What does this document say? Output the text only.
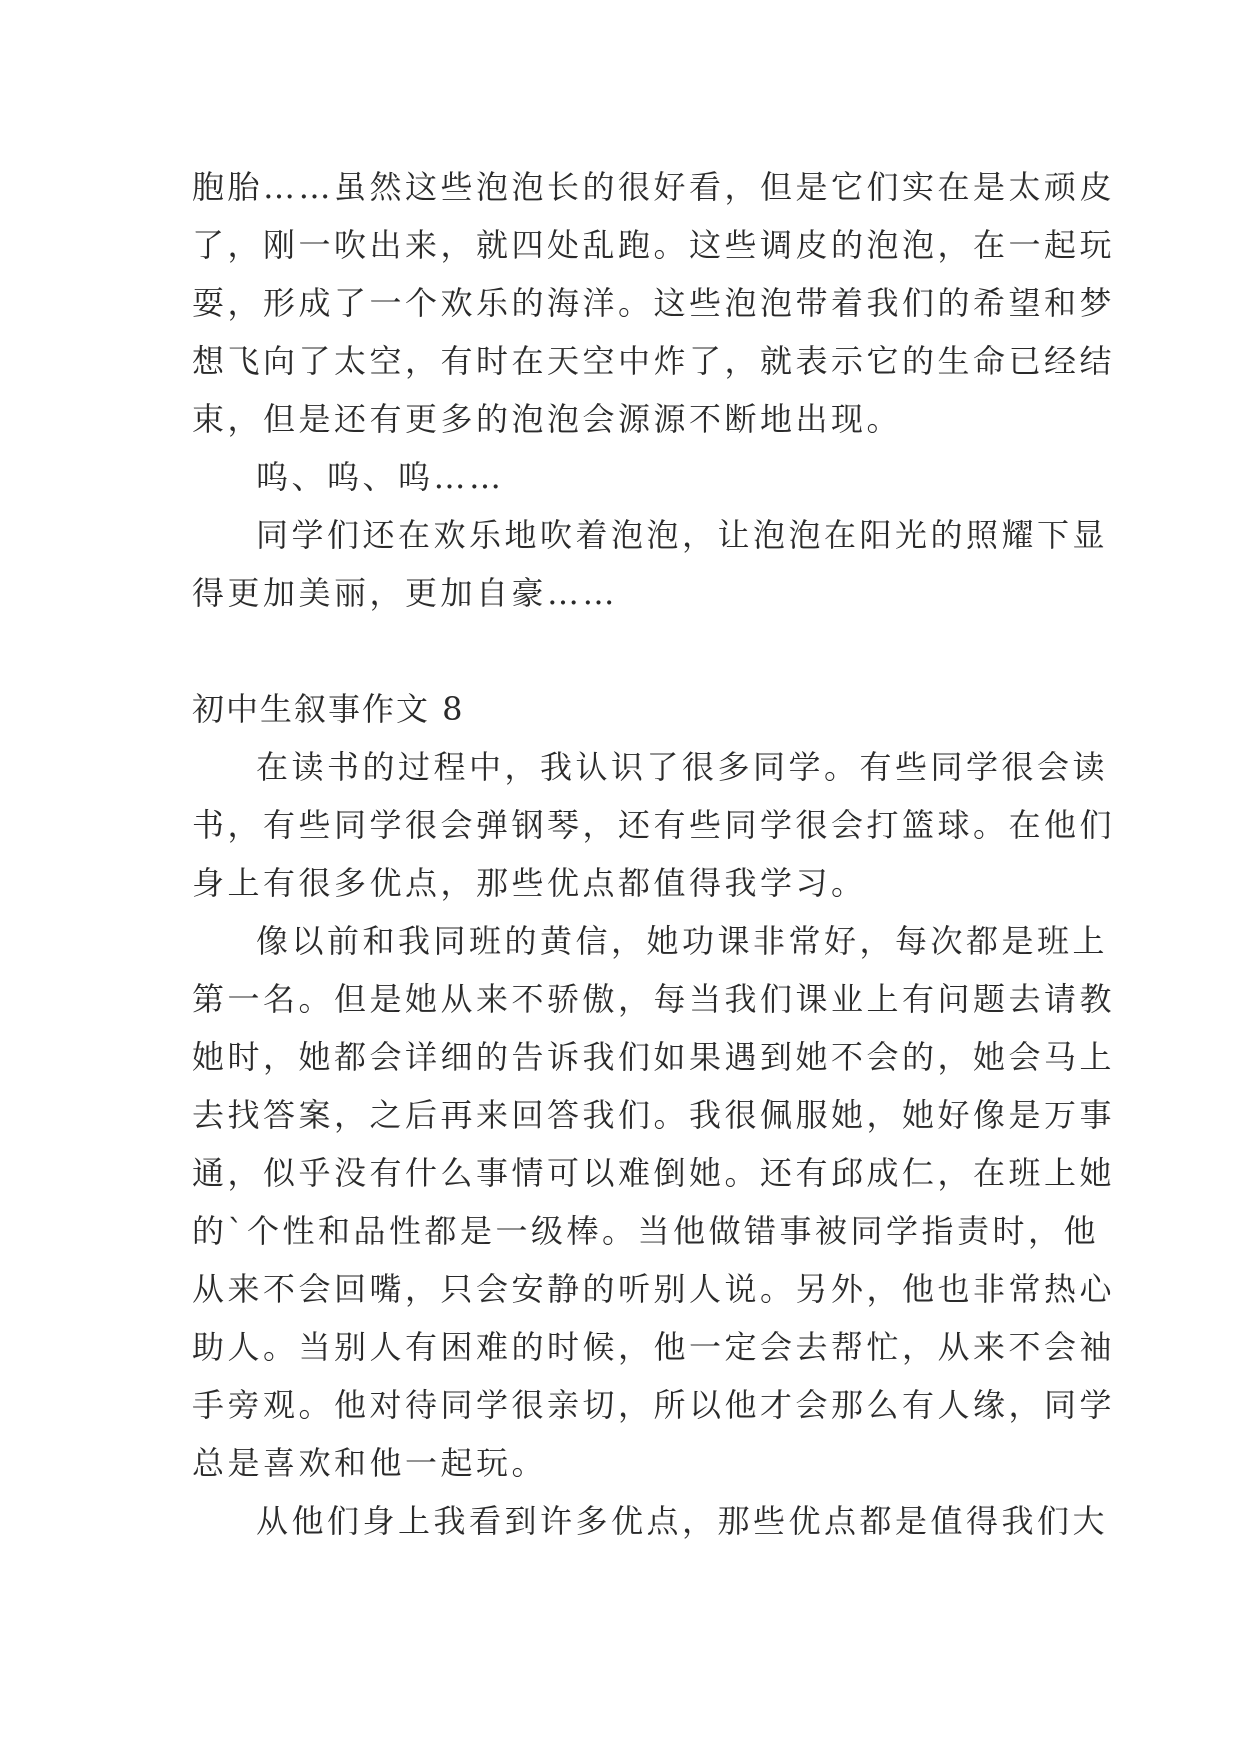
胞胎……虽然这些泡泡长的很好看，但是它们实在是太顽皮
了，刚一吹出来，就四处乱跑。这些调皮的泡泡，在一起玩
耍，形成了一个欢乐的海洋。这些泡泡带着我们的希望和梦
想飞向了太空，有时在天空中炸了，就表示它的生命已经结
束，但是还有更多的泡泡会源源不断地出现。
呜、呜、呜……
同学们还在欢乐地吹着泡泡，让泡泡在阳光的照耀下显
得更加美丽，更加自豪……
初中生叙事作文 8
在读书的过程中，我认识了很多同学。有些同学很会读
书，有些同学很会弹钢琴，还有些同学很会打篮球。在他们
身上有很多优点，那些优点都值得我学习。
像以前和我同班的黄信，她功课非常好，每次都是班上
第一名。但是她从来不骄傲，每当我们课业上有问题去请教
她时，她都会详细的告诉我们如果遇到她不会的，她会马上
去找答案，之后再来回答我们。我很佩服她，她好像是万事
通，似乎没有什么事情可以难倒她。还有邱成仁，在班上她
的`个性和品性都是一级棒。当他做错事被同学指责时，他
从来不会回嘴，只会安静的听别人说。另外，他也非常热心
助人。当别人有困难的时候，他一定会去帮忙，从来不会袖
手旁观。他对待同学很亲切，所以他才会那么有人缘，同学
总是喜欢和他一起玩。
从他们身上我看到许多优点，那些优点都是值得我们大
